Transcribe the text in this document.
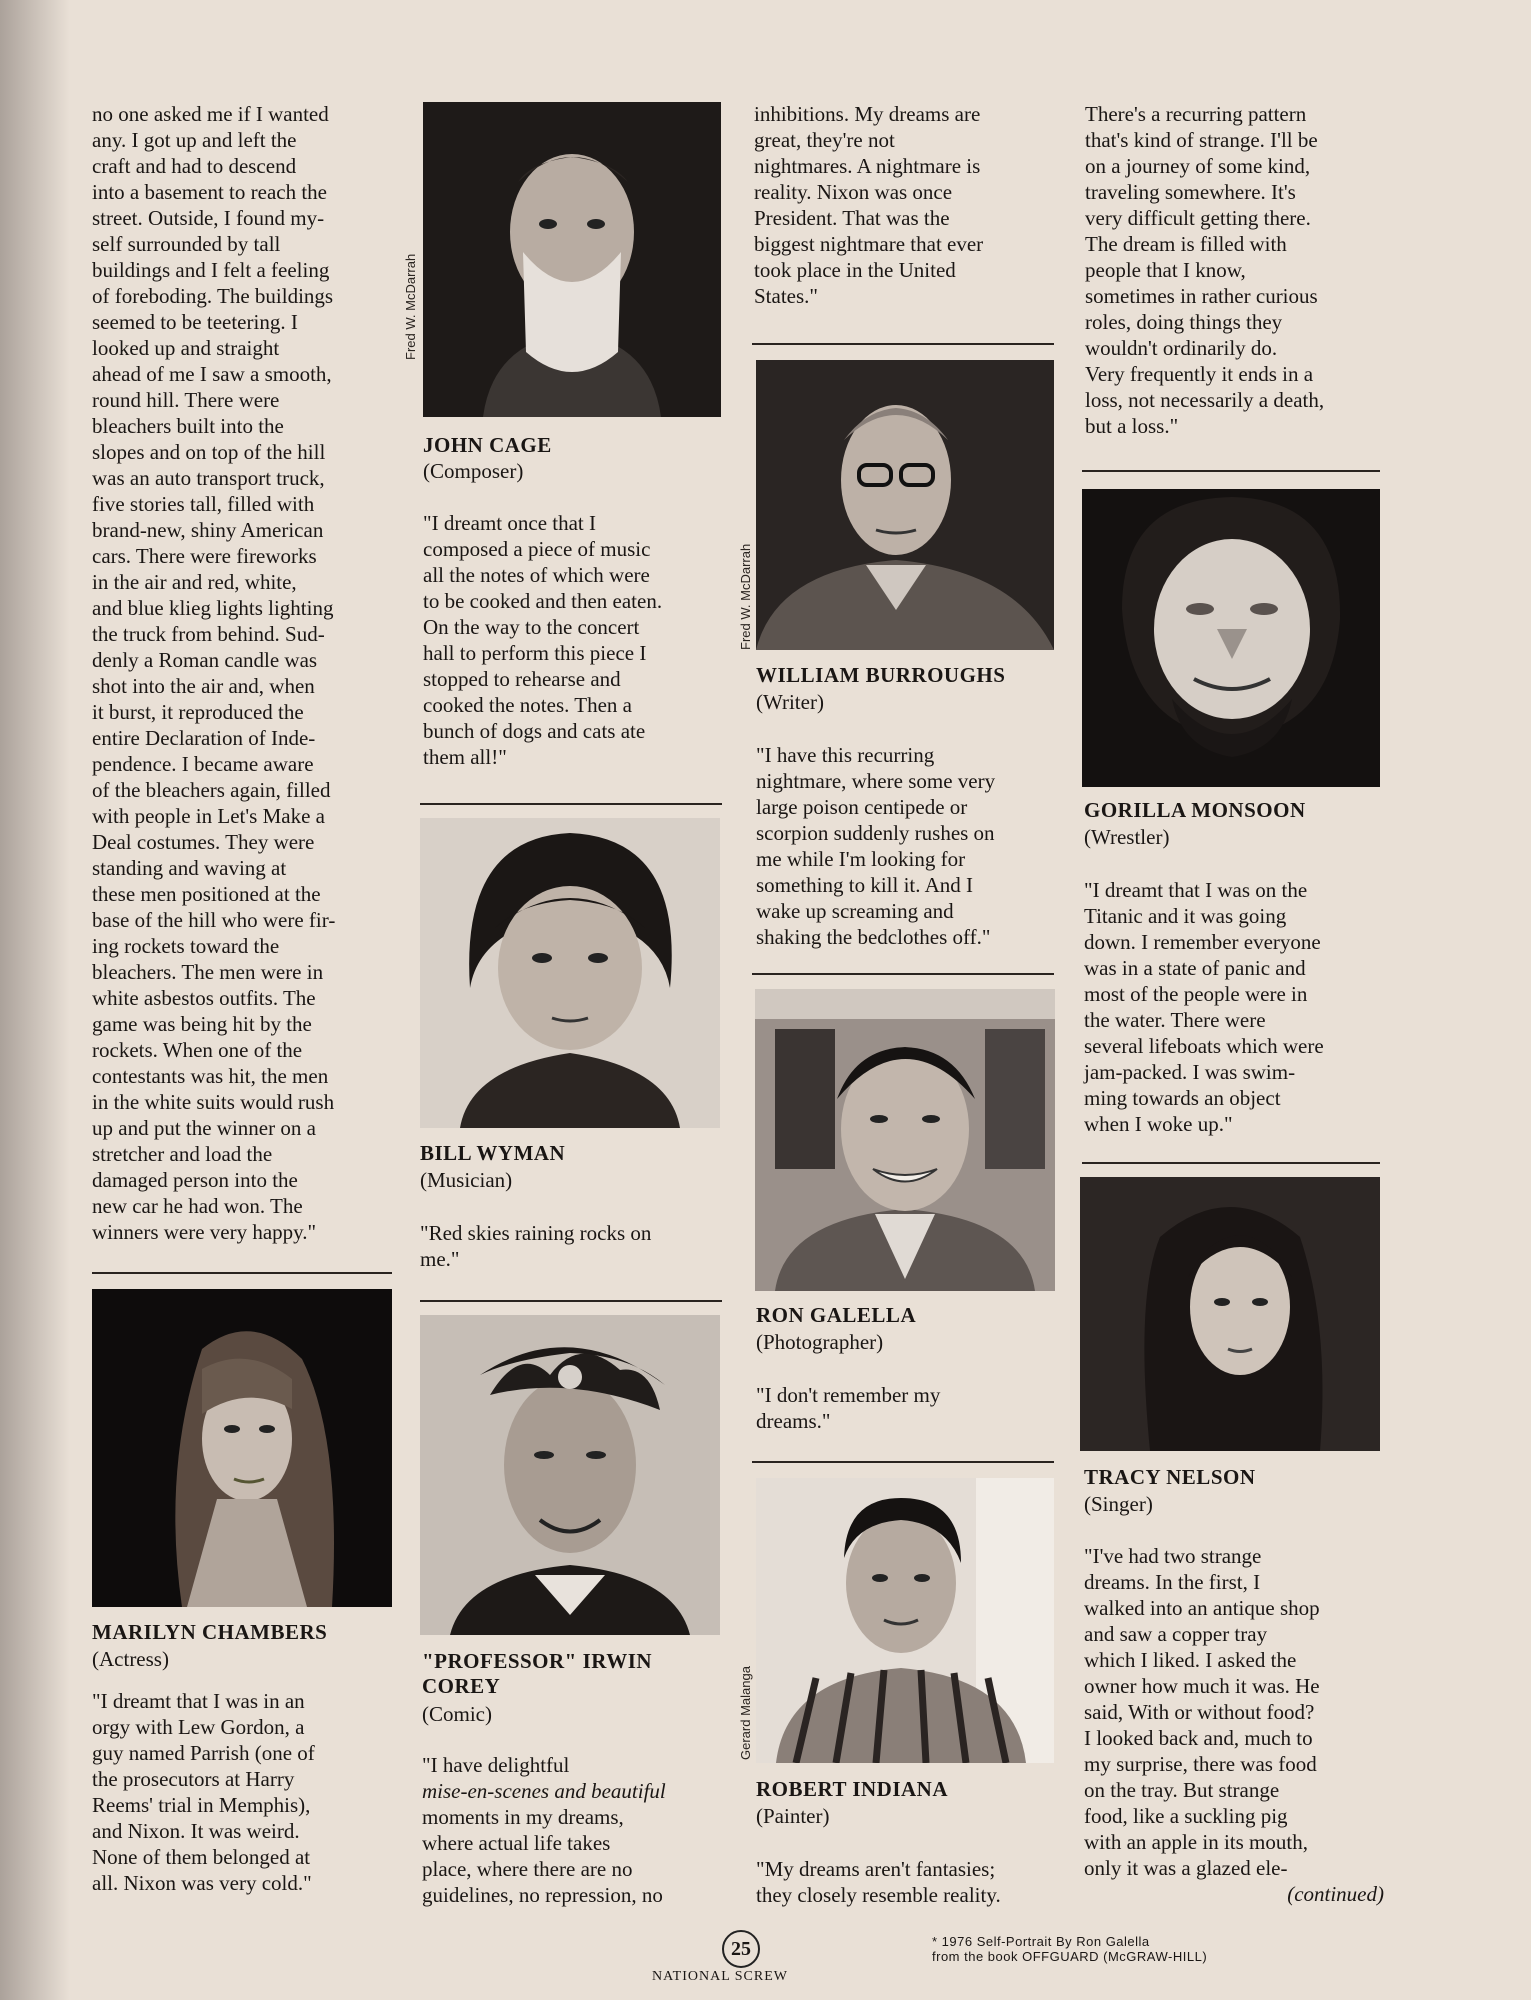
no one asked me if I wanted
any. I got up and left the
craft and had to descend
into a basement to reach the
street. Outside, I found my-
self surrounded by tall
buildings and I felt a feeling
of foreboding. The buildings
seemed to be teetering. I
looked up and straight
ahead of me I saw a smooth,
round hill. There were
bleachers built into the
slopes and on top of the hill
was an auto transport truck,
five stories tall, filled with
brand-new, shiny American
cars. There were fireworks
in the air and red, white,
and blue klieg lights lighting
the truck from behind. Sud-
denly a Roman candle was
shot into the air and, when
it burst, it reproduced the
entire Declaration of Inde-
pendence. I became aware
of the bleachers again, filled
with people in Let's Make a
Deal costumes. They were
standing and waving at
these men positioned at the
base of the hill who were fir-
ing rockets toward the
bleachers. The men were in
white asbestos outfits. The
game was being hit by the
rockets. When one of the
contestants was hit, the men
in the white suits would rush
up and put the winner on a
stretcher and load the
damaged person into the
new car he had won. The
winners were very happy."
MARILYN CHAMBERS
(Actress)
"I dreamt that I was in an
orgy with Lew Gordon, a
guy named Parrish (one of
the prosecutors at Harry
Reems' trial in Memphis),
and Nixon. It was weird.
None of them belonged at
all. Nixon was very cold."
Fred W. McDarrah
JOHN CAGE
(Composer)
"I dreamt once that I
composed a piece of music
all the notes of which were
to be cooked and then eaten.
On the way to the concert
hall to perform this piece I
stopped to rehearse and
cooked the notes. Then a
bunch of dogs and cats ate
them all!"
BILL WYMAN
(Musician)
"Red skies raining rocks on
me."
"PROFESSOR" IRWIN
COREY
(Comic)
"I have delightful
mise-en-scenes and beautiful
moments in my dreams,
where actual life takes
place, where there are no
guidelines, no repression, no
inhibitions. My dreams are
great, they're not
nightmares. A nightmare is
reality. Nixon was once
President. That was the
biggest nightmare that ever
took place in the United
States."
Fred W. McDarrah
WILLIAM BURROUGHS
(Writer)
"I have this recurring
nightmare, where some very
large poison centipede or
scorpion suddenly rushes on
me while I'm looking for
something to kill it. And I
wake up screaming and
shaking the bedclothes off."
RON GALELLA
(Photographer)
"I don't remember my
dreams."
Gerard Malanga
ROBERT INDIANA
(Painter)
"My dreams aren't fantasies;
they closely resemble reality.
There's a recurring pattern
that's kind of strange. I'll be
on a journey of some kind,
traveling somewhere. It's
very difficult getting there.
The dream is filled with
people that I know,
sometimes in rather curious
roles, doing things they
wouldn't ordinarily do.
Very frequently it ends in a
loss, not necessarily a death,
but a loss."
GORILLA MONSOON
(Wrestler)
"I dreamt that I was on the
Titanic and it was going
down. I remember everyone
was in a state of panic and
most of the people were in
the water. There were
several lifeboats which were
jam-packed. I was swim-
ming towards an object
when I woke up."
TRACY NELSON
(Singer)
"I've had two strange
dreams. In the first, I
walked into an antique shop
and saw a copper tray
which I liked. I asked the
owner how much it was. He
said, With or without food?
I looked back and, much to
my surprise, there was food
on the tray. But strange
food, like a suckling pig
with an apple in its mouth,
only it was a glazed ele-
(continued)
25
NATIONAL SCREW
* 1976 Self-Portrait By Ron Galella
from the book OFFGUARD (McGRAW-HILL)
